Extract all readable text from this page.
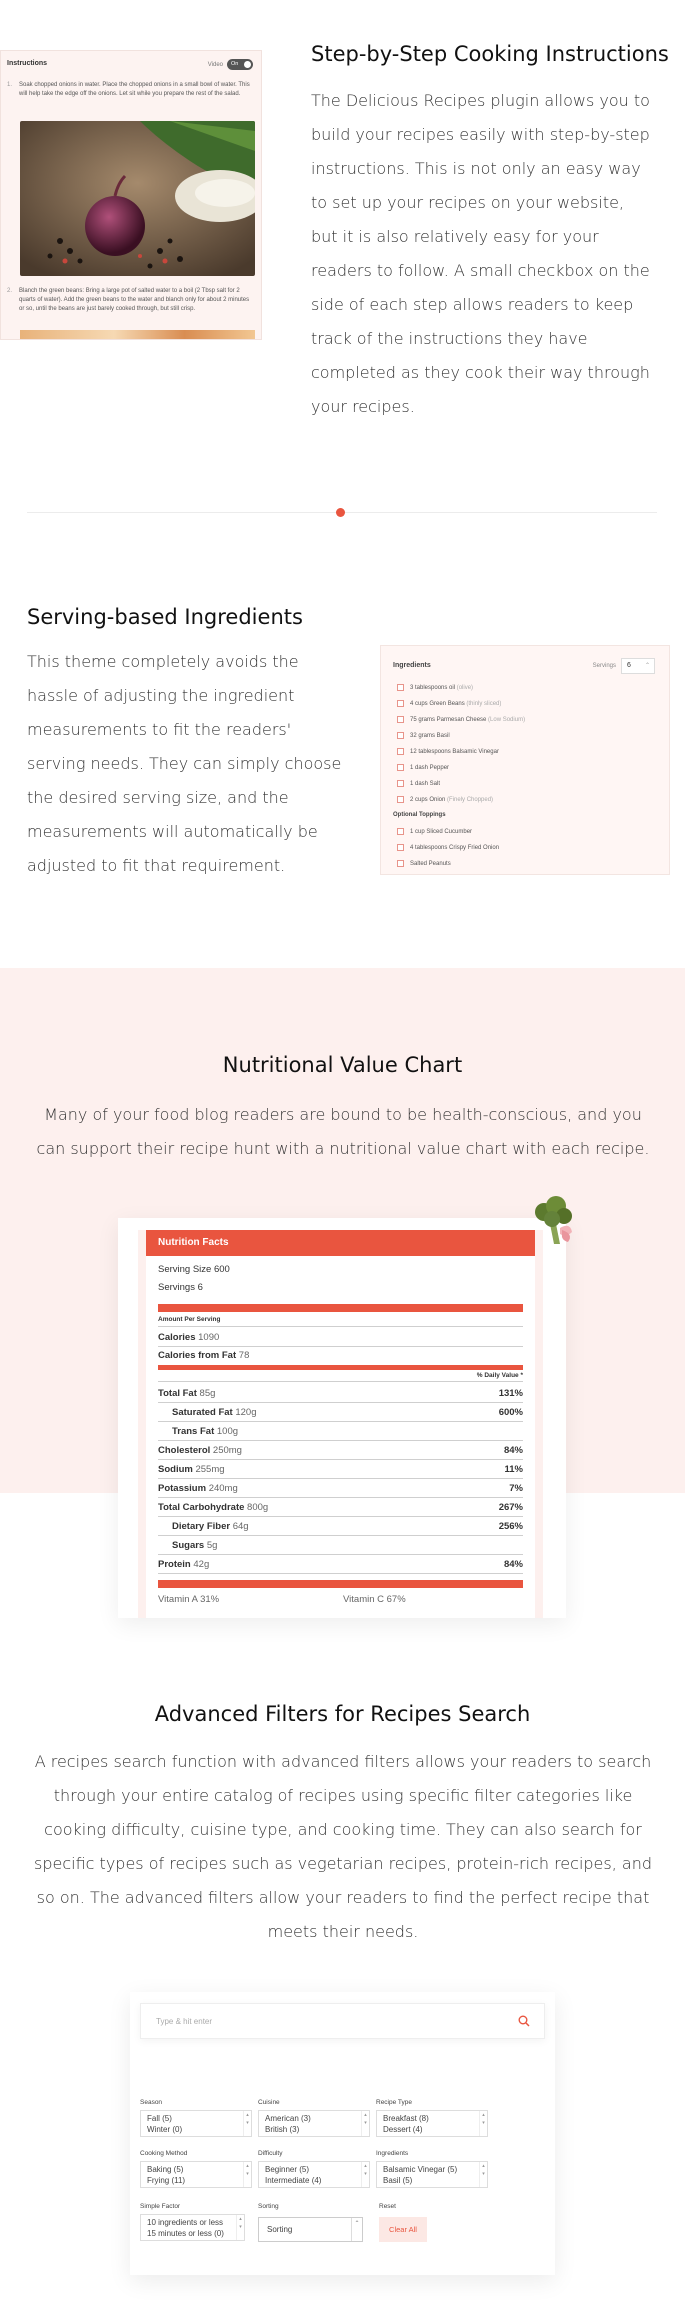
Instructions	Video	On
1. Soak chopped onions in water. Place the chopped onions in a small bowl of water. This will help take the edge off the onions. Let sit while you prepare the rest of the salad.
2. Blanch the green beans: Bring a large pot of salted water to a boil (2 Tbsp salt for 2 quarts of water). Add the green beans to the water and blanch only for about 2 minutes or so, until the beans are just barely cooked through, but still crisp.
Step-by-Step Cooking Instructions

The Delicious Recipes plugin allows you to build your recipes easily with step-by-step instructions. This is not only an easy way to set up your recipes on your website, but it is also relatively easy for your readers to follow. A small checkbox on the side of each step allows readers to keep track of the instructions they have completed as they cook their way through your recipes.

Serving-based Ingredients

This theme completely avoids the hassle of adjusting the ingredient measurements to fit the readers' serving needs. They can simply choose the desired serving size, and the measurements will automatically be adjusted to fit that requirement.

Ingredients	Servings	6 ⌃
3 tablespoons oil (olive)
4 cups Green Beans (thinly sliced)
75 grams Parmesan Cheese (Low Sodium)
32 grams Basil
12 tablespoons Balsamic Vinegar
1 dash Pepper
1 dash Salt
2 cups Onion (Finely Chopped)
Optional Toppings
1 cup Sliced Cucumber
4 tablespoons Crispy Fried Onion
Salted Peanuts
Nutritional Value Chart

Many of your food blog readers are bound to be health-conscious, and you can support their recipe hunt with a nutritional value chart with each recipe.

Nutrition Facts
Serving Size 600
Servings 6
Amount Per Serving
Calories 1090
Calories from Fat 78
% Daily Value *
Total Fat 85g	131%
Saturated Fat 120g	600%
Trans Fat 100g
Cholesterol 250mg	84%
Sodium 255mg	11%
Potassium 240mg	7%
Total Carbohydrate 800g	267%
Dietary Fiber 64g	256%
Sugars 5g
Protein 42g	84%
Vitamin A 31%	Vitamin C 67%
Advanced Filters for Recipes Search

A recipes search function with advanced filters allows your readers to search through your entire catalog of recipes using specific filter categories like cooking difficulty, cuisine type, and cooking time. They can also search for specific types of recipes such as vegetarian recipes, protein-rich recipes, and so on. The advanced filters allow your readers to find the perfect recipe that meets their needs.

Type & hit enter
Season
Fall (5)
Winter (0)
▴
▾
Cuisine
American (3)
British (3)
▴
▾
Recipe Type
Breakfast (8)
Dessert (4)
▴
▾
Cooking Method
Baking (5)
Frying (11)
▴
▾
Difficulty
Beginner (5)
Intermediate (4)
▴
▾
Ingredients
Balsamic Vinegar (5)
Basil (5)
▴
▾
Simple Factor
10 ingredients or less
15 minutes or less (0)
▴
▾
Sorting
Sorting ⌃
Reset
Clear All
